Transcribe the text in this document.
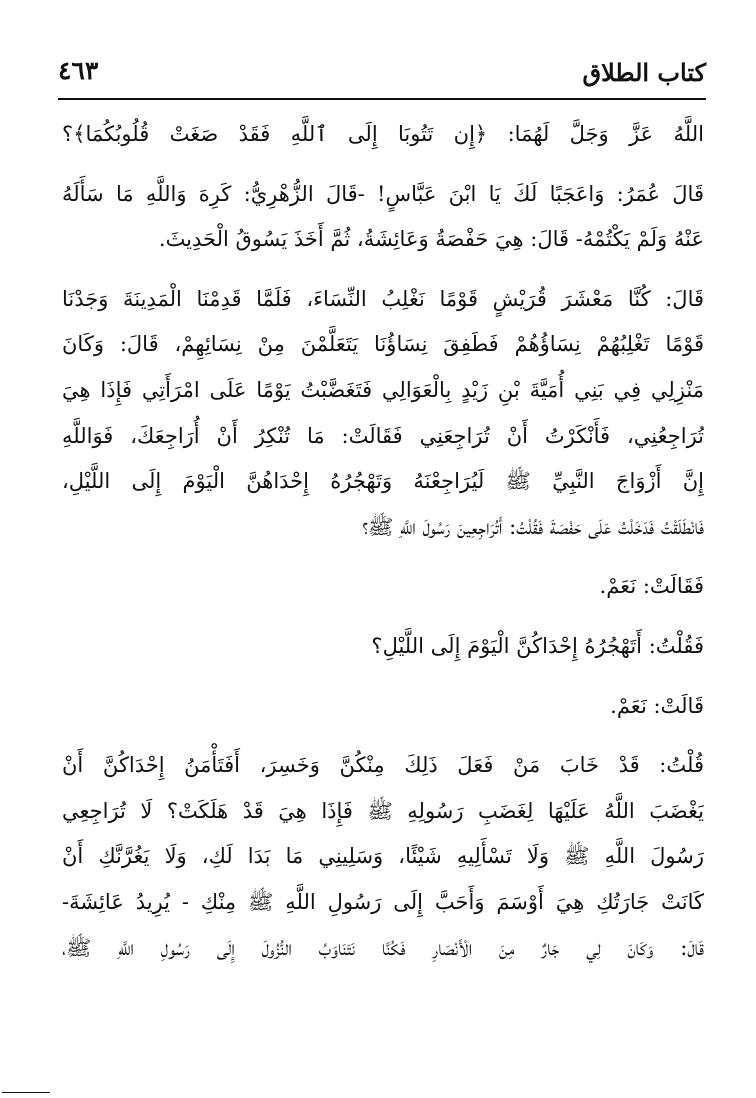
كتاب الطلاق
٤٦٣
اللَّهُ عَزَّ وَجَلَّ لَهُمَا: ﴿إِن تَتُوبَا إِلَى ٱللَّهِ فَقَدْ صَغَتْ قُلُوبُكُمَا﴾؟
قَالَ عُمَرُ: وَاعَجَبًا لَكَ يَا ابْنَ عَبَّاسٍ! -قَالَ الزُّهْرِيُّ: كَرِهَ وَاللَّهِ مَا سَأَلَهُ
عَنْهُ وَلَمْ يَكْتُمْهُ- قَالَ: هِيَ حَفْصَةُ وَعَائِشَةُ، ثُمَّ أَخَذَ يَسُوقُ الْحَدِيثَ.
قَالَ: كُنَّا مَعْشَرَ قُرَيْشٍ قَوْمًا نَغْلِبُ النِّسَاءَ، فَلَمَّا قَدِمْنَا الْمَدِينَةَ وَجَدْنَا
قَوْمًا تَغْلِبُهُمْ نِسَاؤُهُمْ فَطَفِقَ نِسَاؤُنَا يَتَعَلَّمْنَ مِنْ نِسَائِهِمْ، قَالَ: وَكَانَ
مَنْزِلِي فِي بَنِي أُمَيَّةَ بْنِ زَيْدٍ بِالْعَوَالِي فَتَغَضَّبْتُ يَوْمًا عَلَى امْرَأَتِي فَإِذَا هِيَ
تُرَاجِعُنِي، فَأَنْكَرْتُ أَنْ تُرَاجِعَنِي فَقَالَتْ: مَا تُنْكِرُ أَنْ أُرَاجِعَكَ، فَوَاللَّهِ
إِنَّ أَزْوَاجَ النَّبِيِّ ﷺ لَيُرَاجِعْنَهُ وَتَهْجُرُهُ إِحْدَاهُنَّ الْيَوْمَ إِلَى اللَّيْلِ،
فَانْطَلَقْتُ فَدَخَلْتُ عَلَى حَفْصَةَ فَقُلْتُ: أَتُرَاجِعِينَ رَسُولَ اللَّهِ ﷺ؟
فَقَالَتْ: نَعَمْ.
فَقُلْتُ: أَتَهْجُرُهُ إِحْدَاكُنَّ الْيَوْمَ إِلَى اللَّيْلِ؟
قَالَتْ: نَعَمْ.
قُلْتُ: قَدْ خَابَ مَنْ فَعَلَ ذَلِكَ مِنْكُنَّ وَخَسِرَ، أَفَتَأْمَنُ إِحْدَاكُنَّ أَنْ
يَغْضَبَ اللَّهُ عَلَيْهَا لِغَضَبِ رَسُولِهِ ﷺ فَإِذَا هِيَ قَدْ هَلَكَتْ؟ لَا تُرَاجِعِي
رَسُولَ اللَّهِ ﷺ وَلَا تَسْأَلِيهِ شَيْئًا، وَسَلِينِي مَا بَدَا لَكِ، وَلَا يَغُرَّنَّكِ أَنْ
كَانَتْ جَارَتُكِ هِيَ أَوْسَمَ وَأَحَبَّ إِلَى رَسُولِ اللَّهِ ﷺ مِنْكِ - يُرِيدُ عَائِشَةَ-
قَالَ: وَكَانَ لِي جَارٌ مِنَ الْأَنْصَارِ فَكُنَّا نَتَنَاوَبُ النُّزُولَ إِلَى رَسُولِ اللَّهِ ﷺ،
